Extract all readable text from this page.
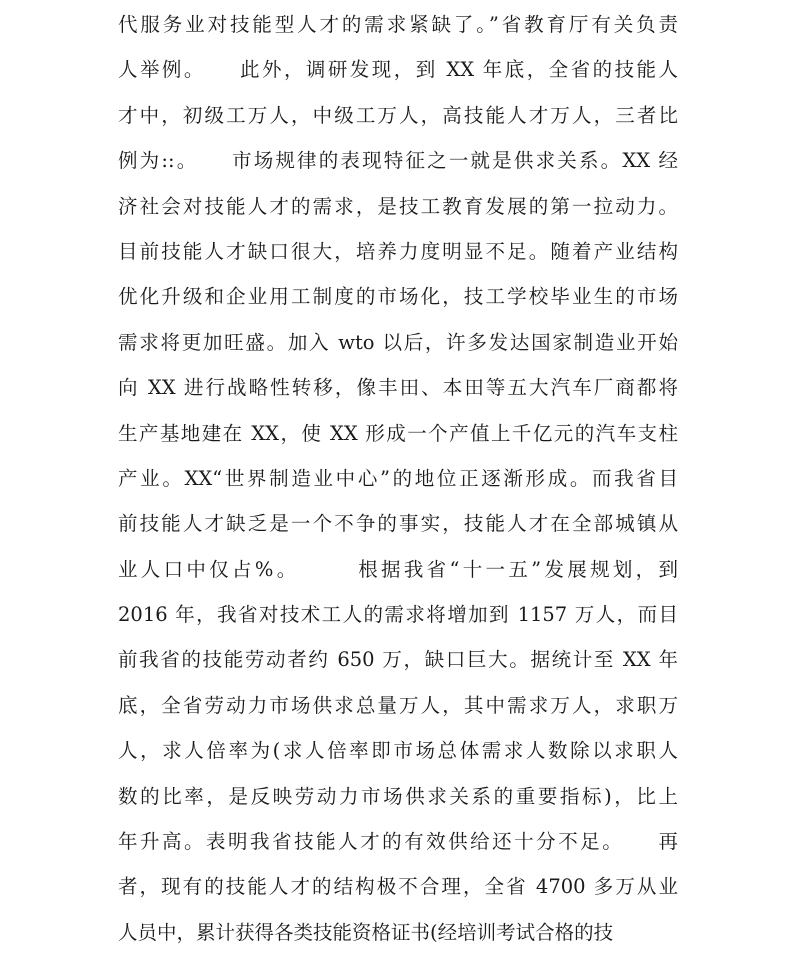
代服务业对技能型人才的需求紧缺了。”省教育厅有关负责
人举例。　　此外，调研发现，到 XX 年底，全省的技能人
才中，初级工万人，中级工万人，高技能人才万人，三者比
例为::。　　市场规律的表现特征之一就是供求关系。XX 经
济社会对技能人才的需求，是技工教育发展的第一拉动力。
目前技能人才缺口很大，培养力度明显不足。随着产业结构
优化升级和企业用工制度的市场化，技工学校毕业生的市场
需求将更加旺盛。加入 wto 以后，许多发达国家制造业开始
向 XX 进行战略性转移，像丰田、本田等五大汽车厂商都将
生产基地建在 XX，使 XX 形成一个产值上千亿元的汽车支柱
产业。XX“世界制造业中心”的地位正逐渐形成。而我省目
前技能人才缺乏是一个不争的事实，技能人才在全部城镇从
业人口中仅占%。　　　根据我省“十一五”发展规划，到
2016 年，我省对技术工人的需求将增加到 1157 万人，而目
前我省的技能劳动者约 650 万，缺口巨大。据统计至 XX 年
底，全省劳动力市场供求总量万人，其中需求万人，求职万
人，求人倍率为(求人倍率即市场总体需求人数除以求职人
数的比率，是反映劳动力市场供求关系的重要指标)，比上
年升高。表明我省技能人才的有效供给还十分不足。　　再
者，现有的技能人才的结构极不合理，全省 4700 多万从业
人员中，累计获得各类技能资格证书(经培训考试合格的技
